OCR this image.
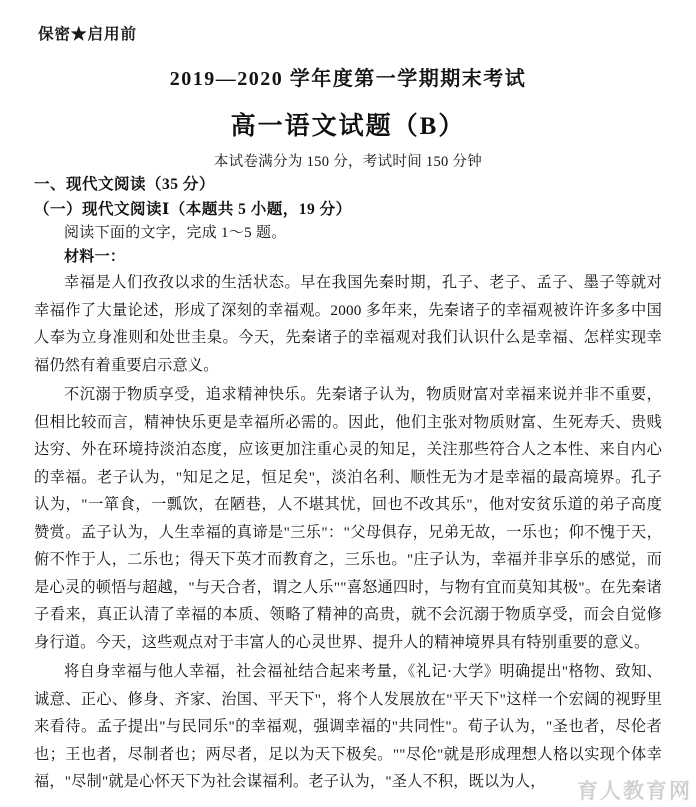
保密★启用前
2019—2020 学年度第一学期期末考试
高一语文试题（B）
本试卷满分为 150 分，考试时间 150 分钟
一、现代文阅读（35 分）
（一）现代文阅读Ⅰ（本题共 5 小题，19 分）
阅读下面的文字，完成 1～5 题。
材料一：

幸福是人们孜孜以求的生活状态。早在我国先秦时期，孔子、老子、孟子、墨子等就对幸福作了大量论述，形成了深刻的幸福观。2000 多年来，先秦诸子的幸福观被许许多多中国人奉为立身准则和处世圭臬。今天，先秦诸子的幸福观对我们认识什么是幸福、怎样实现幸福仍然有着重要启示意义。

不沉溺于物质享受，追求精神快乐。先秦诸子认为，物质财富对幸福来说并非不重要，但相比较而言，精神快乐更是幸福所必需的。因此，他们主张对物质财富、生死寿夭、贵贱达穷、外在环境持淡泊态度，应该更加注重心灵的知足，关注那些符合人之本性、来自内心的幸福。老子认为，"知足之足，恒足矣"，淡泊名利、顺性无为才是幸福的最高境界。孔子认为，"一箪食，一瓢饮，在陋巷，人不堪其忧，回也不改其乐"，他对安贫乐道的弟子高度赞赏。孟子认为，人生幸福的真谛是"三乐"："父母俱存，兄弟无故，一乐也；仰不愧于天，俯不怍于人，二乐也；得天下英才而教育之，三乐也。"庄子认为，幸福并非享乐的感觉，而是心灵的顿悟与超越，"与天合者，谓之人乐""喜怒通四时，与物有宜而莫知其极"。在先秦诸子看来，真正认清了幸福的本质、领略了精神的高贵，就不会沉溺于物质享受，而会自觉修身行道。今天，这些观点对于丰富人的心灵世界、提升人的精神境界具有特别重要的意义。

将自身幸福与他人幸福，社会福祉结合起来考量，《礼记·大学》明确提出"格物、致知、诚意、正心、修身、齐家、治国、平天下"，将个人发展放在"平天下"这样一个宏阔的视野里来看待。孟子提出"与民同乐"的幸福观，强调幸福的"共同性"。荀子认为，"圣也者，尽伦者也；王也者，尽制者也；两尽者，足以为天下极矣。""尽伦"就是形成理想人格以实现个体幸福，"尽制"就是心怀天下为社会谋福利。老子认为，"圣人不积，既以为人，	育人教育网
